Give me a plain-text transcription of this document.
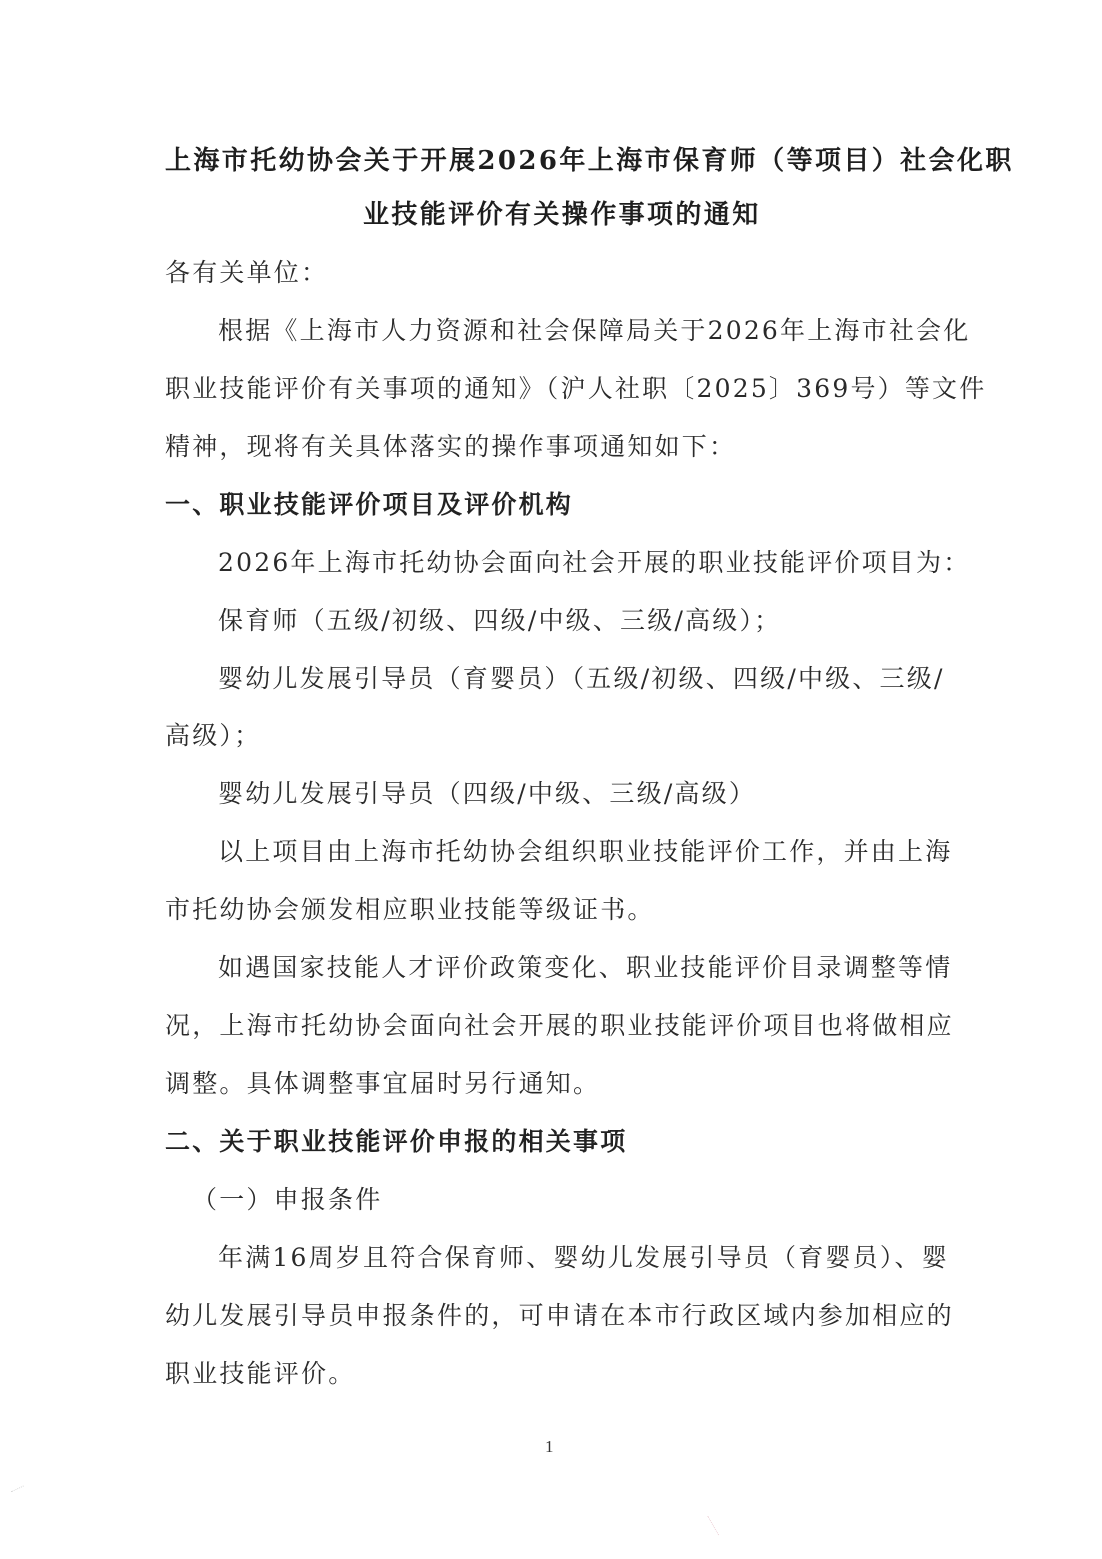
上海市托幼协会关于开展2026年上海市保育师（等项目）社会化职
业技能评价有关操作事项的通知
各有关单位：
根据《上海市人力资源和社会保障局关于2026年上海市社会化
职业技能评价有关事项的通知》（沪人社职〔2025〕369号）等文件
精神，现将有关具体落实的操作事项通知如下：
一、职业技能评价项目及评价机构
2026年上海市托幼协会面向社会开展的职业技能评价项目为：
保育师（五级/初级、四级/中级、三级/高级）；
婴幼儿发展引导员（育婴员）（五级/初级、四级/中级、三级/
高级）；
婴幼儿发展引导员（四级/中级、三级/高级）
以上项目由上海市托幼协会组织职业技能评价工作，并由上海
市托幼协会颁发相应职业技能等级证书。
如遇国家技能人才评价政策变化、职业技能评价目录调整等情
况，上海市托幼协会面向社会开展的职业技能评价项目也将做相应
调整。具体调整事宜届时另行通知。
二、关于职业技能评价申报的相关事项
（一）申报条件
年满16周岁且符合保育师、婴幼儿发展引导员（育婴员）、婴
幼儿发展引导员申报条件的，可申请在本市行政区域内参加相应的
职业技能评价。
1
